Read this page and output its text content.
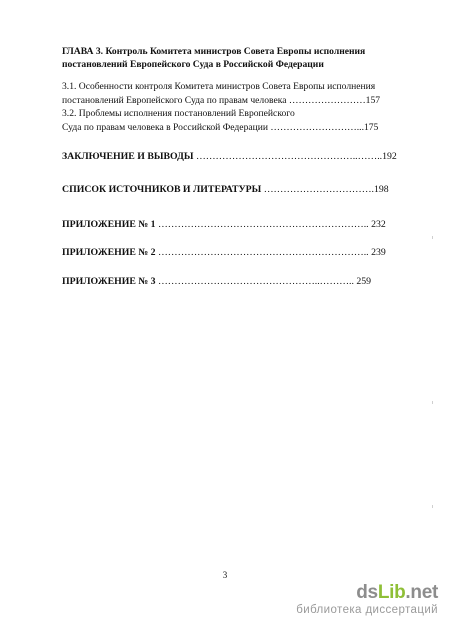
ГЛАВА 3. Контроль Комитета министров Совета Европы исполнения
постановлений Европейского Суда в Российской Федерации
3.1. Особенности контроля Комитета министров Совета Европы исполнения
постановлений Европейского Суда по правам человека ……………………157
3.2. Проблемы исполнения постановлений Европейского
Суда по правам человека в Российской Федерации ………………………...175
ЗАКЛЮЧЕНИЕ И ВЫВОДЫ …………………………………………..……..192
СПИСОК ИСТОЧНИКОВ И ЛИТЕРАТУРЫ …………………………….198
ПРИЛОЖЕНИЕ № 1 ……………………………………………………….. 232
ПРИЛОЖЕНИЕ № 2 ……………………………………………………….. 239
ПРИЛОЖЕНИЕ № 3 …………………………………………..……….. 259
3
dsLib.net
библиотека диссертаций
